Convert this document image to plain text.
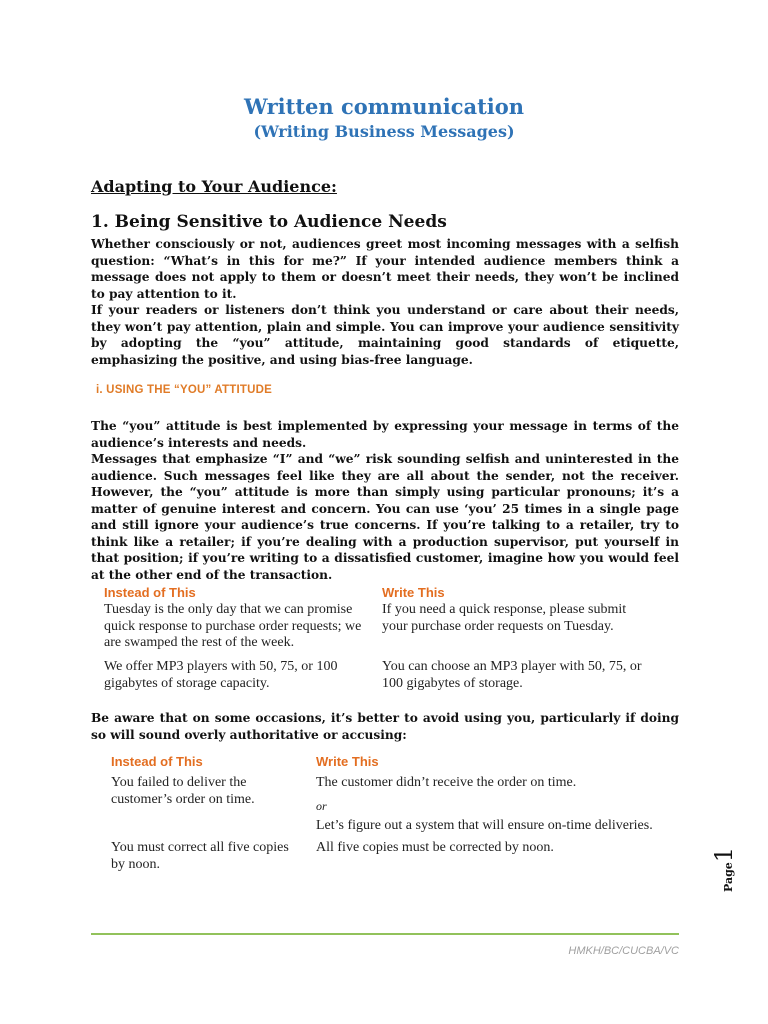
Written communication
(Writing Business Messages)
Adapting to Your Audience:
1. Being Sensitive to Audience Needs

Whether consciously or not, audiences greet most incoming messages with a selfish question: “What’s in this for me?” If your intended audience members think a message does not apply to them or doesn’t meet their needs, they won’t be inclined to pay attention to it.

If your readers or listeners don’t think you understand or care about their needs, they won’t pay attention, plain and simple. You can improve your audience sensitivity by adopting the “you” attitude, maintaining good standards of etiquette, emphasizing the positive, and using bias-free language.

i. USING THE “YOU” ATTITUDE

The “you” attitude is best implemented by expressing your message in terms of the audience’s interests and needs.

Messages that emphasize “I” and “we” risk sounding selfish and uninterested in the audience. Such messages feel like they are all about the sender, not the receiver. However, the “you” attitude is more than simply using particular pronouns; it’s a matter of genuine interest and concern. You can use ‘you’ 25 times in a single page and still ignore your audience’s true concerns. If you’re talking to a retailer, try to think like a retailer; if you’re dealing with a production supervisor, put yourself in that position; if you’re writing to a dissatisfied customer, imagine how you would feel at the other end of the transaction.

Instead of This	Write This
Tuesday is the only day that we can promise quick response to purchase order requests; we are swamped the rest of the week.
If you need a quick response, please submit your purchase order requests on Tuesday.
We offer MP3 players with 50, 75, or 100 gigabytes of storage capacity.
You can choose an MP3 player with 50, 75, or 100 gigabytes of storage.

Be aware that on some occasions, it’s better to avoid using you, particularly if doing so will sound overly authoritative or accusing:

Instead of This	Write This
You failed to deliver the customer’s order on time.
The customer didn’t receive the order on time.
or
Let’s figure out a system that will ensure on-time deliveries.
You must correct all five copies by noon.
All five copies must be corrected by noon.
Page1
HMKH/BC/CUCBA/VC
